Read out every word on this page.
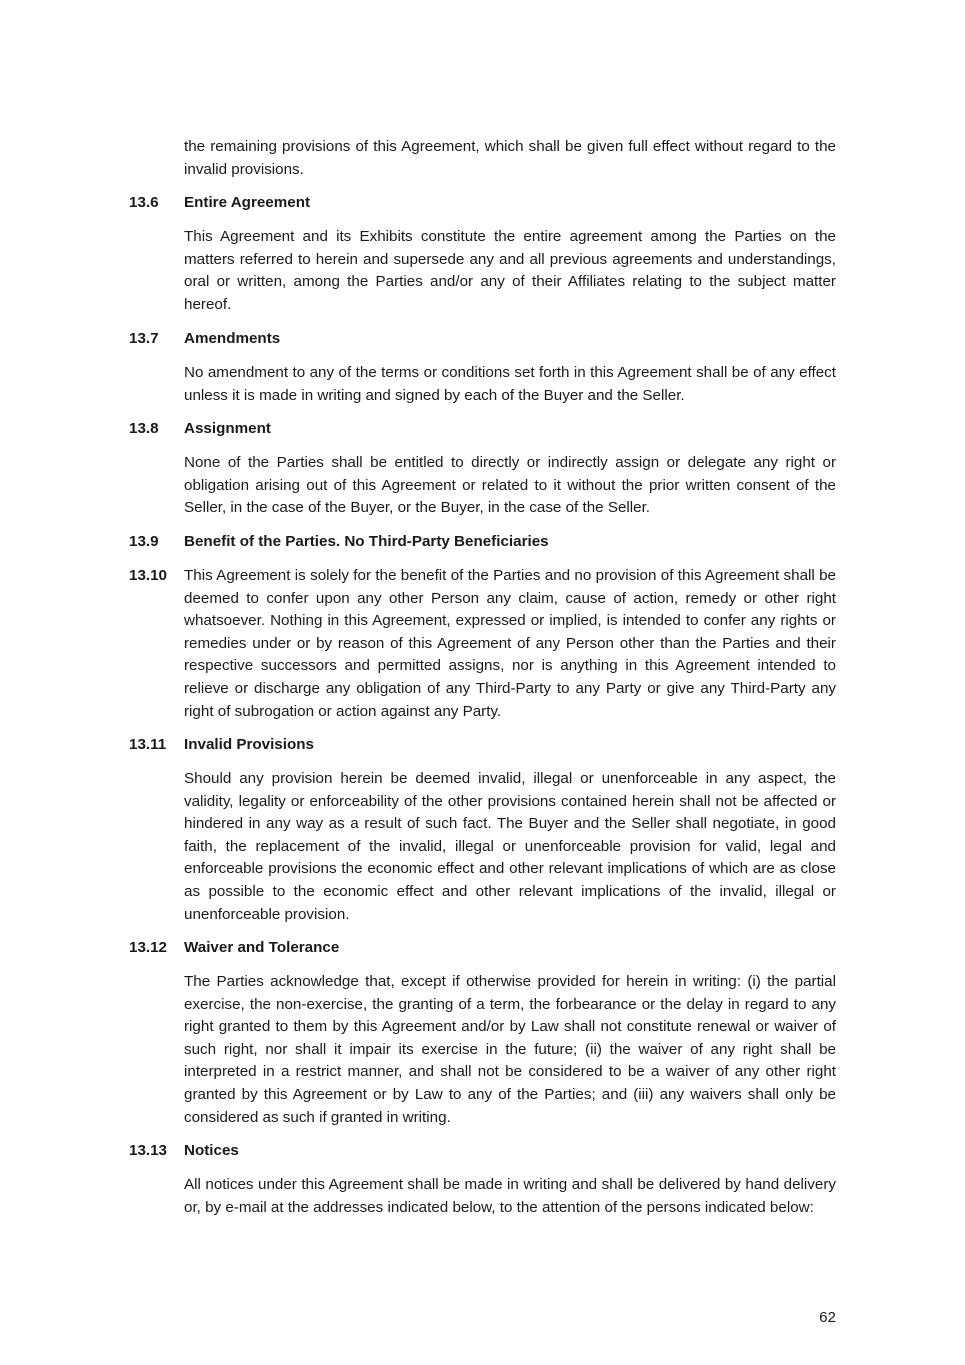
the remaining provisions of this Agreement, which shall be given full effect without regard to the invalid provisions.

13.6 Entire Agreement

This Agreement and its Exhibits constitute the entire agreement among the Parties on the matters referred to herein and supersede any and all previous agreements and understandings, oral or written, among the Parties and/or any of their Affiliates relating to the subject matter hereof.

13.7 Amendments

No amendment to any of the terms or conditions set forth in this Agreement shall be of any effect unless it is made in writing and signed by each of the Buyer and the Seller.

13.8 Assignment

None of the Parties shall be entitled to directly or indirectly assign or delegate any right or obligation arising out of this Agreement or related to it without the prior written consent of the Seller, in the case of the Buyer, or the Buyer, in the case of the Seller.

13.9 Benefit of the Parties. No Third-Party Beneficiaries

13.10 This Agreement is solely for the benefit of the Parties and no provision of this Agreement shall be deemed to confer upon any other Person any claim, cause of action, remedy or other right whatsoever. Nothing in this Agreement, expressed or implied, is intended to confer any rights or remedies under or by reason of this Agreement of any Person other than the Parties and their respective successors and permitted assigns, nor is anything in this Agreement intended to relieve or discharge any obligation of any Third-Party to any Party or give any Third-Party any right of subrogation or action against any Party.

13.11 Invalid Provisions

Should any provision herein be deemed invalid, illegal or unenforceable in any aspect, the validity, legality or enforceability of the other provisions contained herein shall not be affected or hindered in any way as a result of such fact. The Buyer and the Seller shall negotiate, in good faith, the replacement of the invalid, illegal or unenforceable provision for valid, legal and enforceable provisions the economic effect and other relevant implications of which are as close as possible to the economic effect and other relevant implications of the invalid, illegal or unenforceable provision.

13.12 Waiver and Tolerance

The Parties acknowledge that, except if otherwise provided for herein in writing: (i) the partial exercise, the non-exercise, the granting of a term, the forbearance or the delay in regard to any right granted to them by this Agreement and/or by Law shall not constitute renewal or waiver of such right, nor shall it impair its exercise in the future; (ii) the waiver of any right shall be interpreted in a restrict manner, and shall not be considered to be a waiver of any other right granted by this Agreement or by Law to any of the Parties; and (iii) any waivers shall only be considered as such if granted in writing.

13.13 Notices

All notices under this Agreement shall be made in writing and shall be delivered by hand delivery or, by e-mail at the addresses indicated below, to the attention of the persons indicated below:

62
